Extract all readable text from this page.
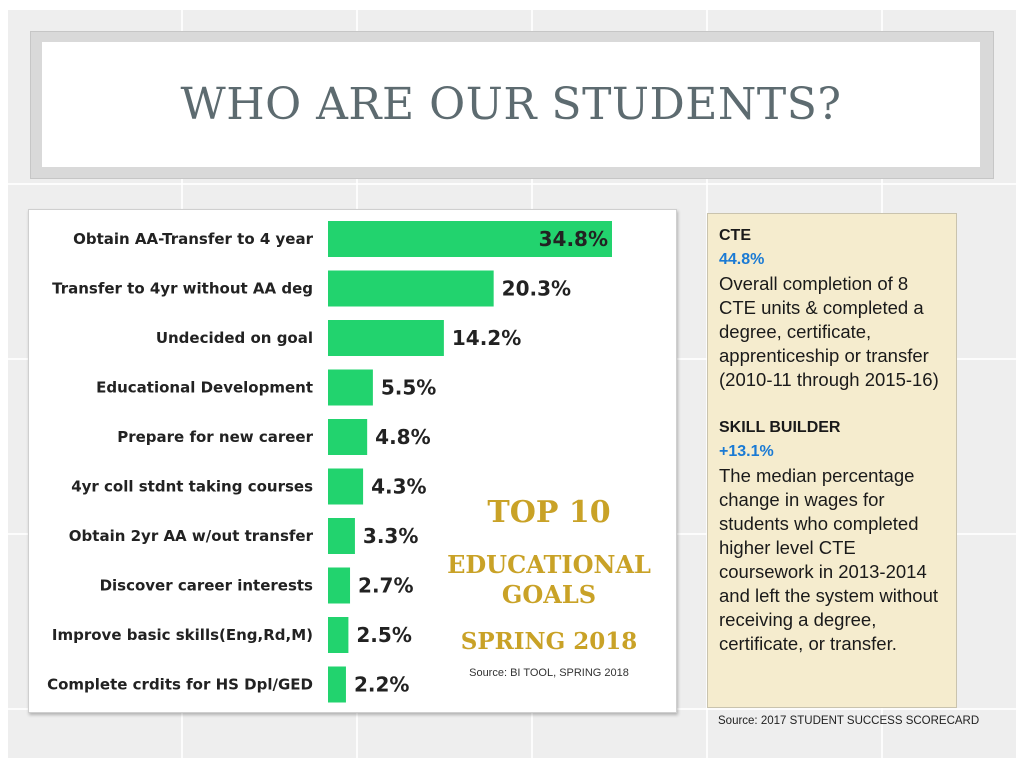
WHO ARE OUR STUDENTS?
Obtain AA-Transfer to 4 year	34.8%
Transfer to 4yr without AA deg	20.3%
Undecided on goal	14.2%
Educational Development	5.5%
Prepare for new career	4.8%
4yr coll stdnt taking courses	4.3%
Obtain 2yr AA w/out transfer 3.3%
Discover career interests 2.7%
Improve basic skills(Eng,Rd,M) 2.5%
Complete crdits for HS Dpl/GED 2.2%
TOP 10
EDUCATIONAL GOALS
SPRING 2018
Source: BI TOOL, SPRING 2018

CTE

44.8%

Overall completion of 8 CTE units & completed a degree, certificate, apprenticeship or transfer (2010-11 through 2015-16)

SKILL BUILDER

+13.1%

The median percentage change in wages for students who completed higher level CTE coursework in 2013-2014 and left the system without receiving a degree, certificate, or transfer.

Source: 2017 STUDENT SUCCESS SCORECARD
